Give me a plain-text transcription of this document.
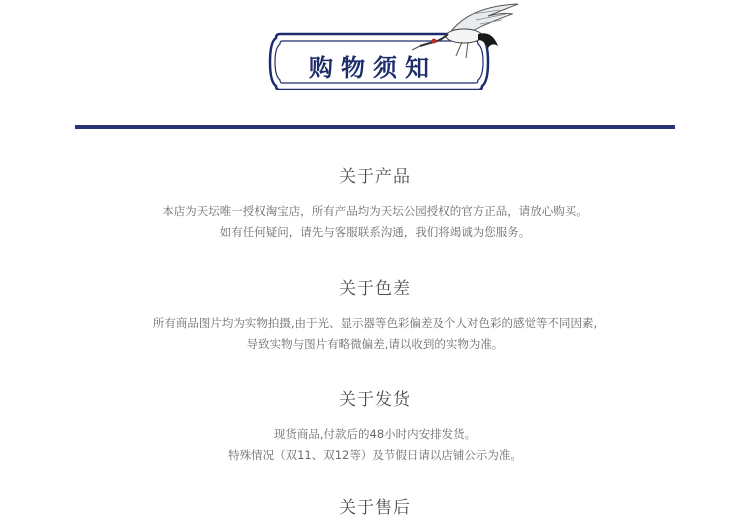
购物须知
关于产品

本店为天坛唯一授权淘宝店，所有产品均为天坛公园授权的官方正品，请放心购买。
如有任何疑问，请先与客服联系沟通，我们将竭诚为您服务。

关于色差

所有商品图片均为实物拍摄,由于光、显示器等色彩偏差及个人对色彩的感觉等不同因素,
导致实物与图片有略微偏差,请以收到的实物为准。

关于发货

现货商品,付款后的48小时内安排发货。
特殊情况（双11、双12等）及节假日请以店铺公示为准。

关于售后
